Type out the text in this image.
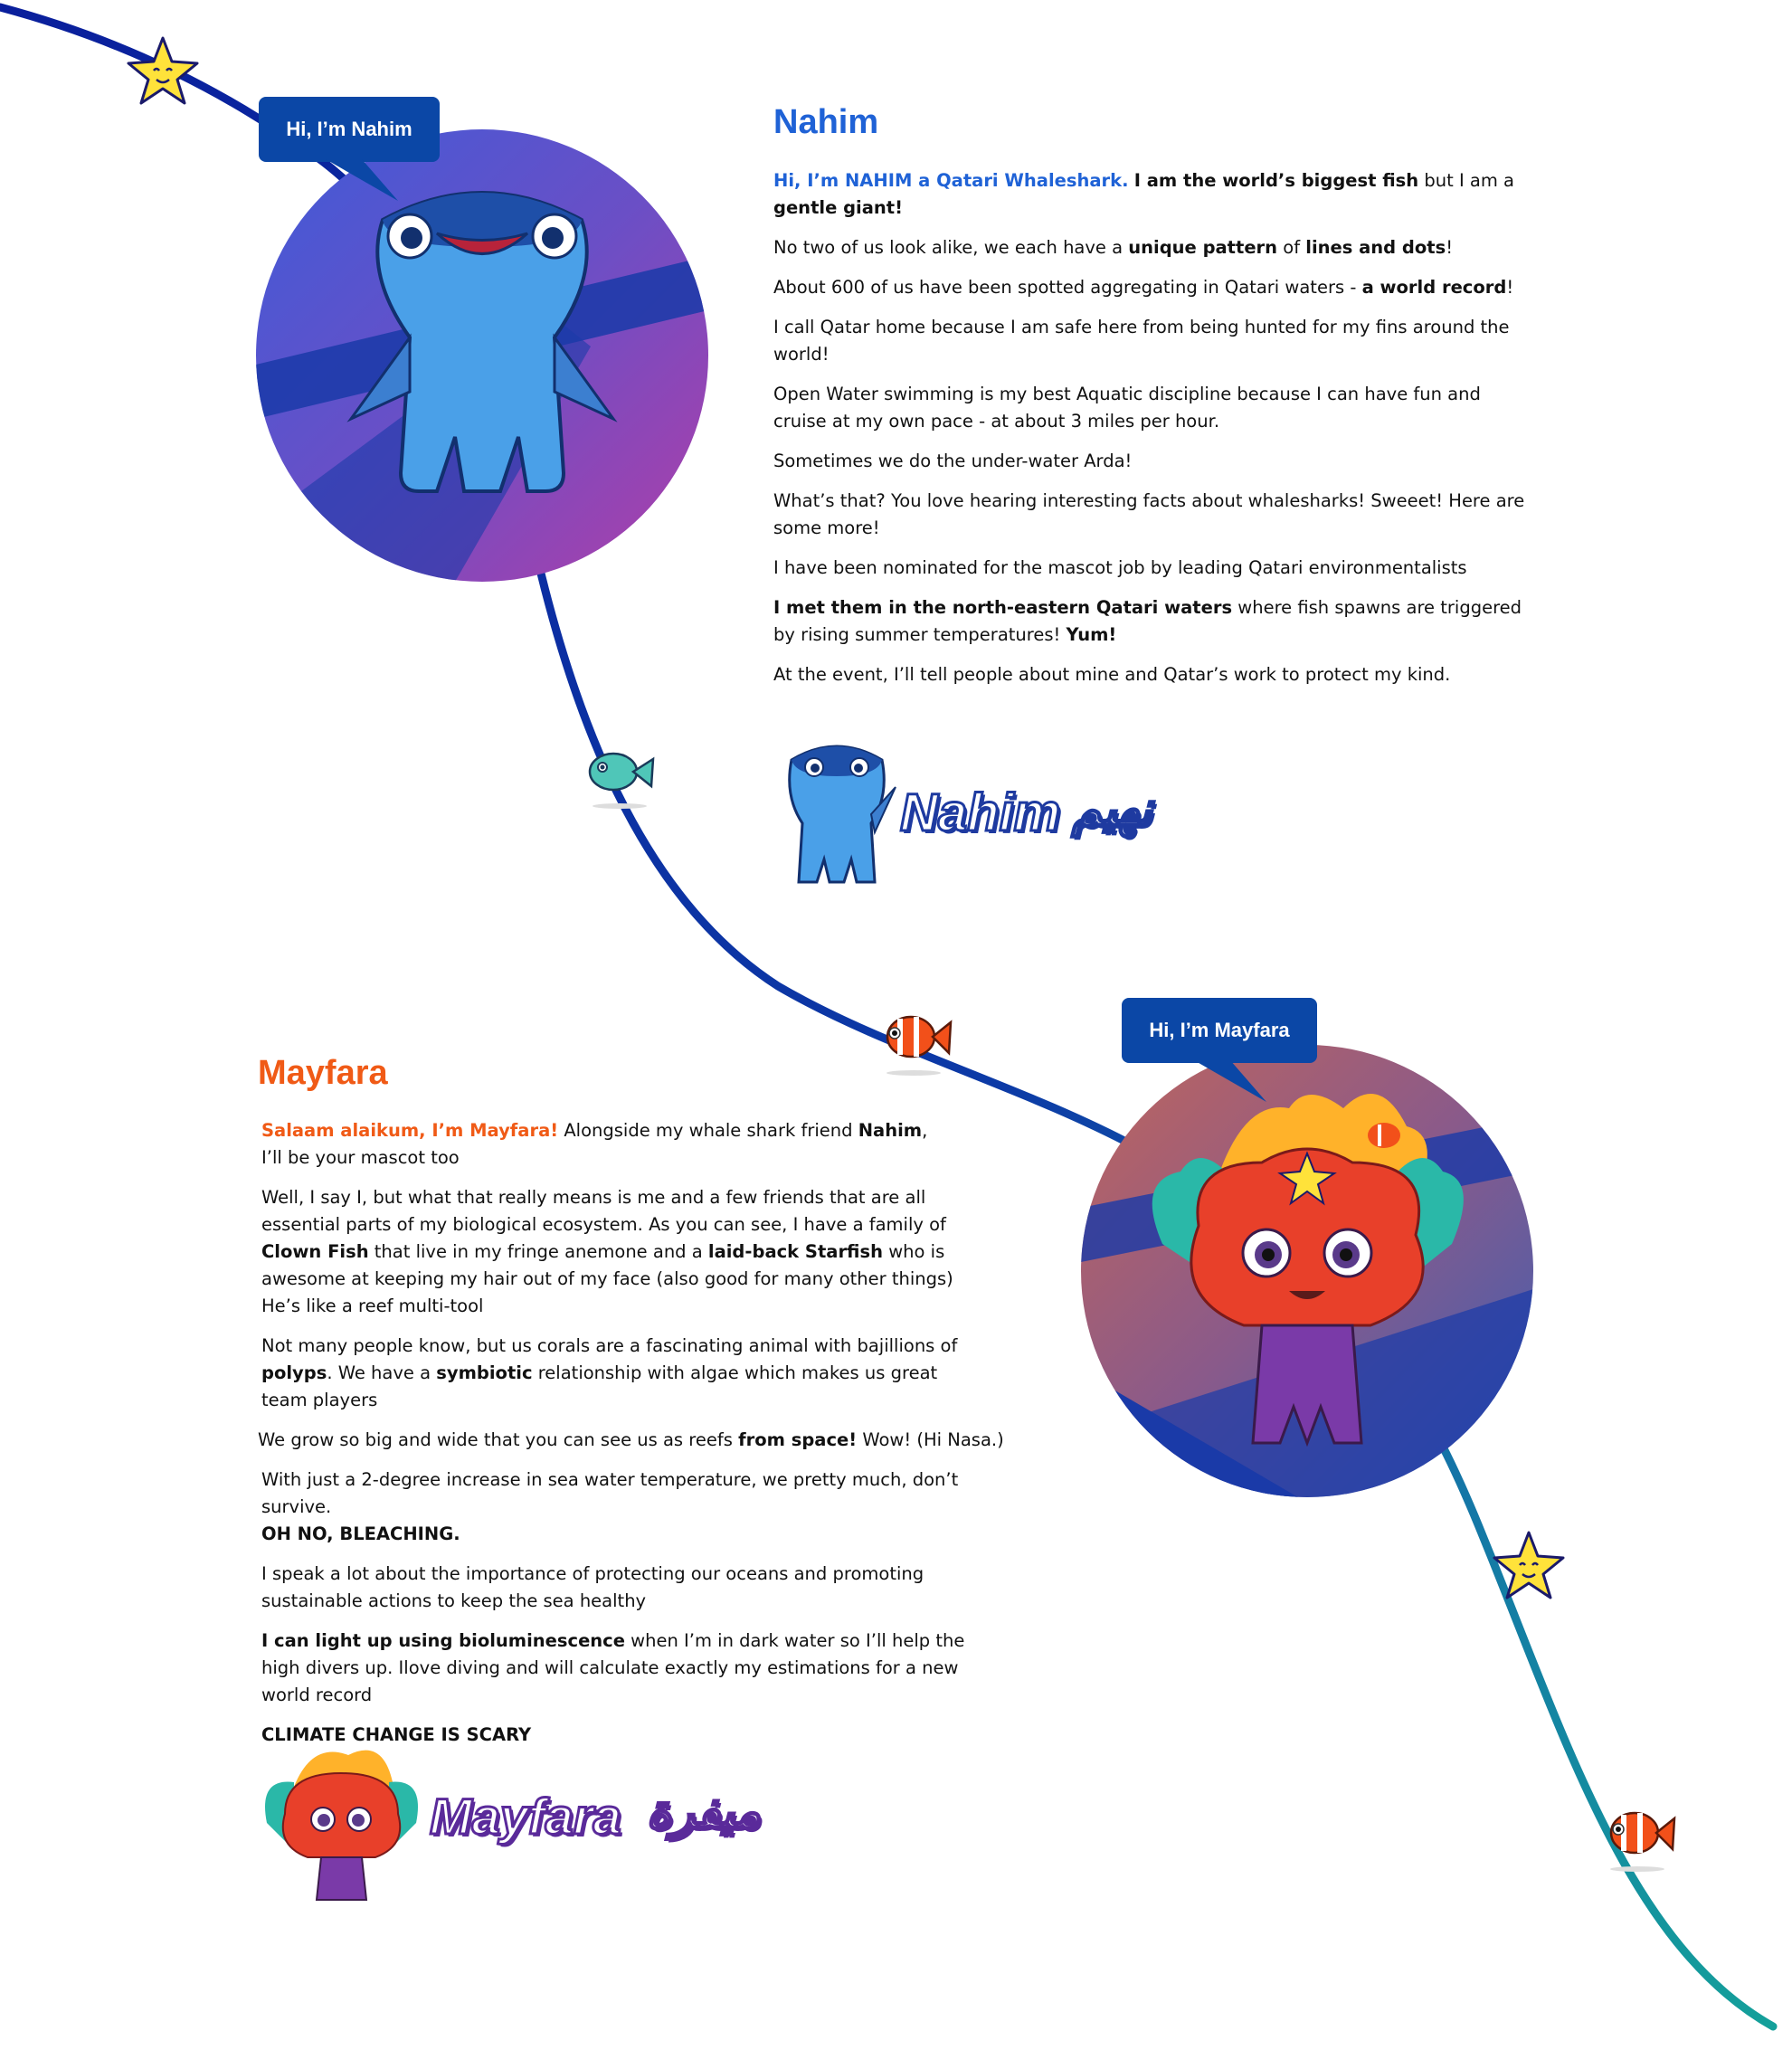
Hi, I’m Nahim	Nahim

Hi, I’m NAHIM a Qatari Whaleshark. I am the world’s biggest fish but I am a gentle giant!

No two of us look alike, we each have a unique pattern of lines and dots!

About 600 of us have been spotted aggregating in Qatari waters - a world record!

I call Qatar home because I am safe here from being hunted for my fins around the world!

Open Water swimming is my best Aquatic discipline because I can have fun and cruise at my own pace - at about 3 miles per hour.

Sometimes we do the under-water Arda!

What’s that? You love hearing interesting facts about whalesharks! Sweeet! Here are some more!

I have been nominated for the mascot job by leading Qatari environmentalists

I met them in the north-eastern Qatari waters where fish spawns are triggered by rising summer temperatures! Yum!

At the event, I’ll tell people about mine and Qatar’s work to protect my kind.

Nahim نهيم
Hi, I’m Mayfara
Mayfara

Salaam alaikum, I’m Mayfara! Alongside my whale shark friend Nahim,
I’ll be your mascot too

Well, I say I, but what that really means is me and a few friends that are all essential parts of my biological ecosystem. As you can see, I have a family of Clown Fish that live in my fringe anemone and a laid-back Starfish who is awesome at keeping my hair out of my face (also good for many other things) He’s like a reef multi-tool

Not many people know, but us corals are a fascinating animal with bajillions of polyps. We have a symbiotic relationship with algae which makes us great team players

We grow so big and wide that you can see us as reefs from space! Wow! (Hi Nasa.)

With just a 2-degree increase in sea water temperature, we pretty much, don’t survive.
OH NO, BLEACHING.

I speak a lot about the importance of protecting our oceans and promoting sustainable actions to keep the sea healthy

I can light up using bioluminescence when I’m in dark water so I’ll help the high divers up. Ilove diving and will calculate exactly my estimations for a new world record

CLIMATE CHANGE IS SCARY

Mayfara ميفرة
